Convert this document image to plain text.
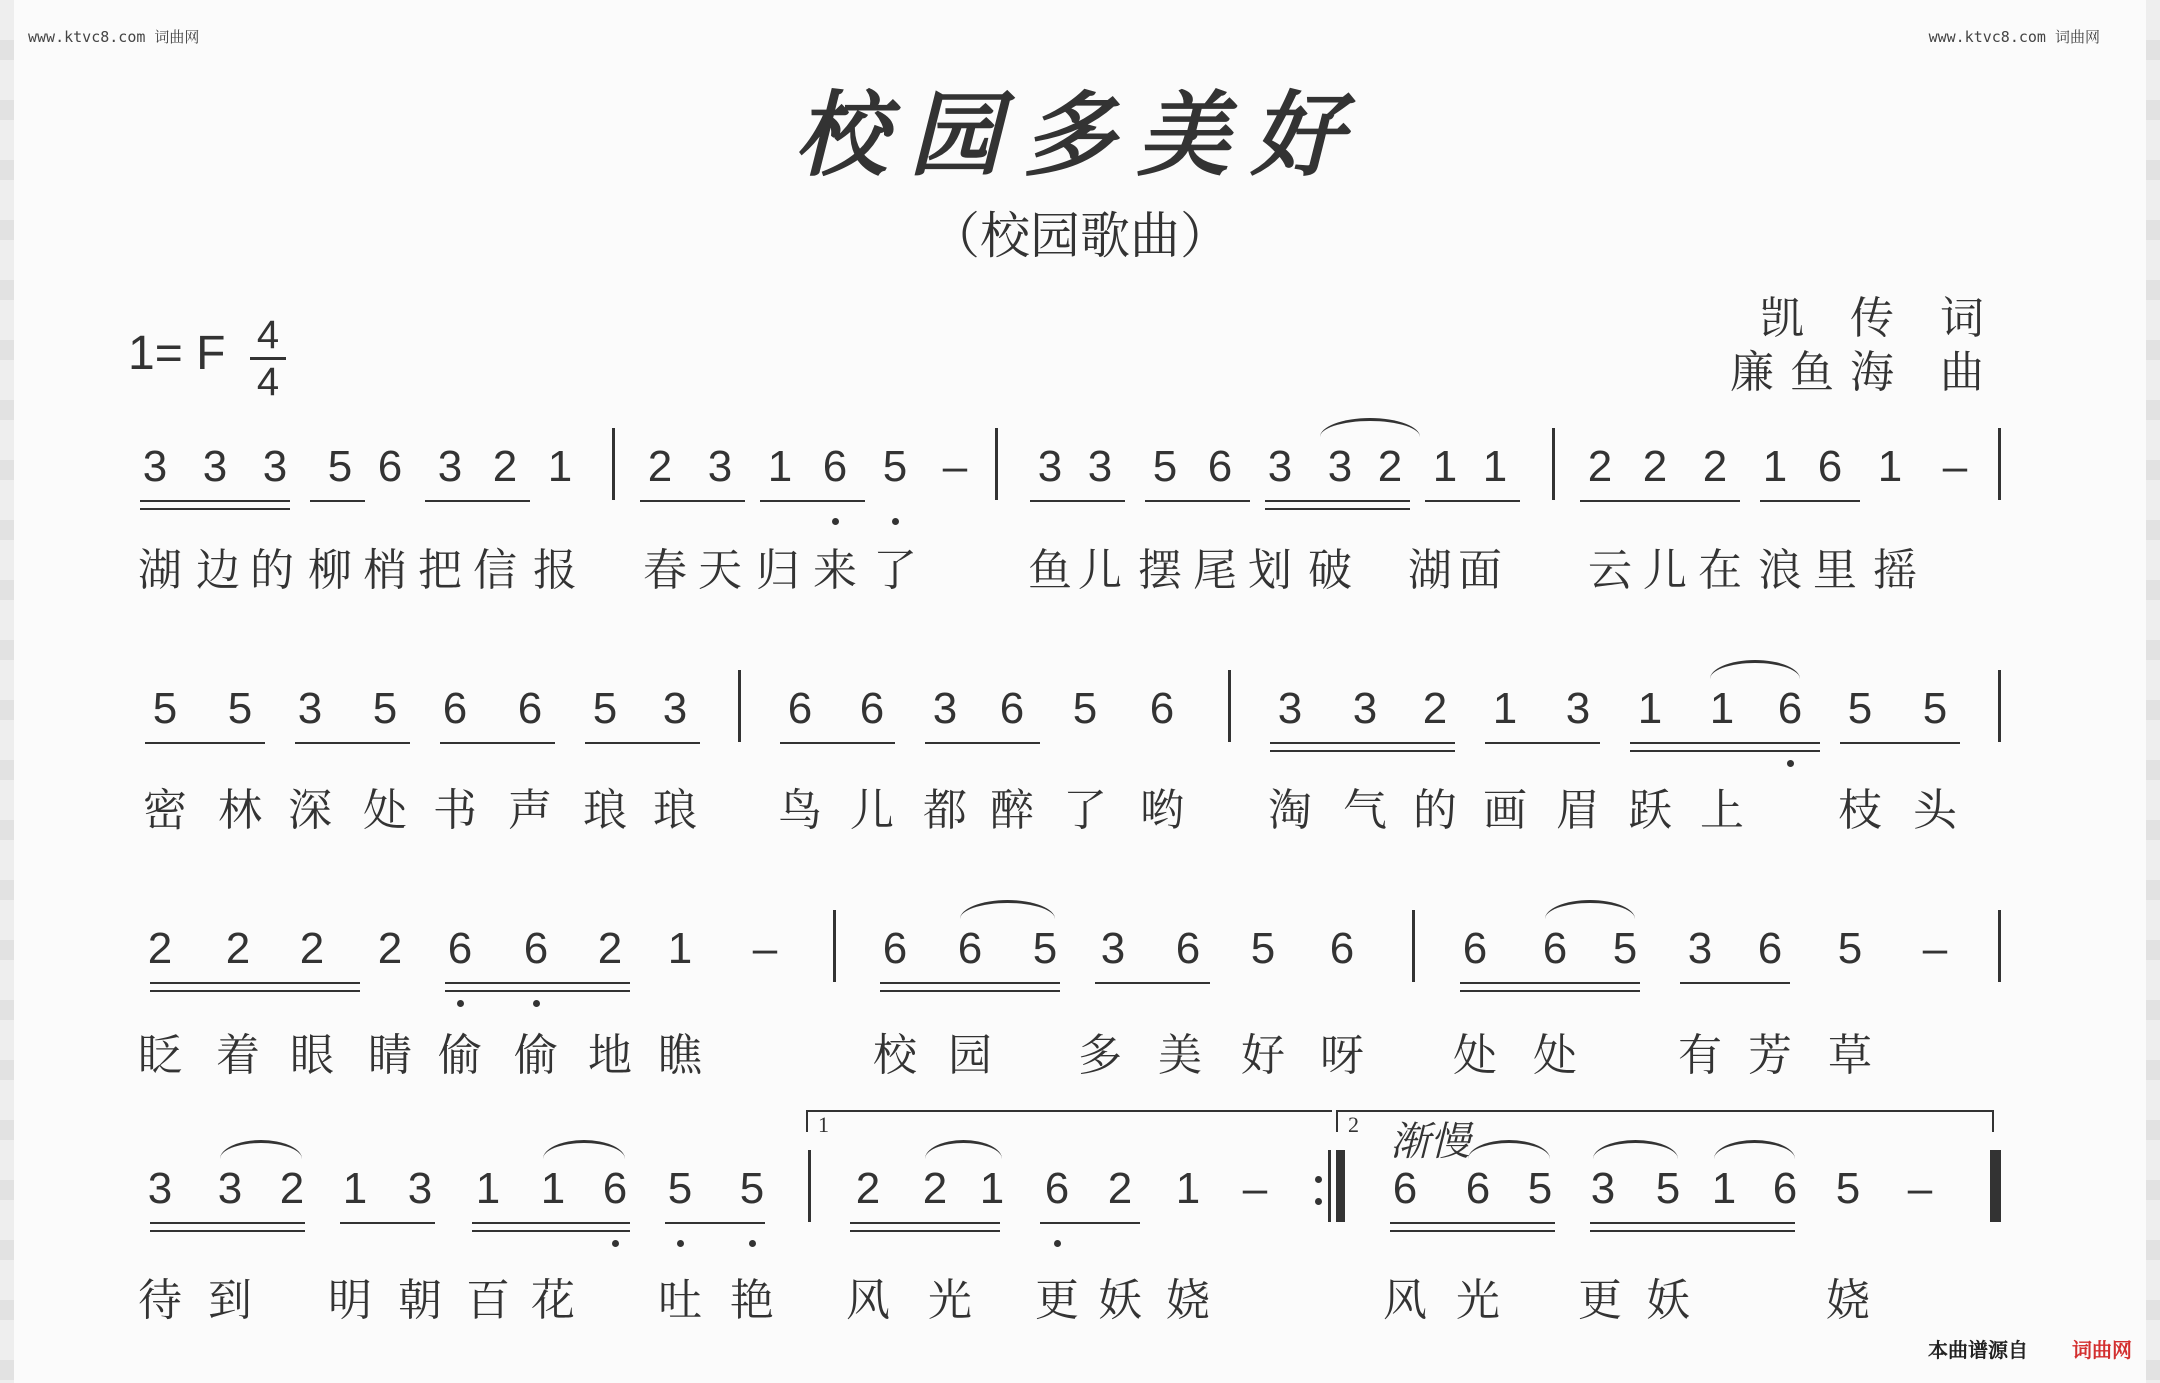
www.ktvc8.com 词曲网	www.ktvc8.com 词曲网
校园多美好
（校园歌曲）
1= F 4
4
凯 传 词
廉鱼海 曲
1	2 渐慢
3 3 3 5 6 3 2 1 2 3 1 6 5 – 3 3 5 6 3 3 2 1 1 2 2 2 1 6 1 –
湖 边 的 柳 梢 把 信 报 春 天 归 来 了	鱼 儿 摆 尾 划 破 湖 面 云 儿 在 浪 里 摇
5 5 3 5 6 6 5 3 6 6 3 6 5 6 3 3 2 1 3 1 1 6 5 5
密 林 深 处 书 声 琅 琅 鸟 儿 都 醉 了 哟 淘 气 的 画 眉 跃 上 枝 头
2 2 2 2 6 6 2 1 – 6 6 5 3 6 5 6 6 6 5 3 6 5 –
眨 着 眼 睛 偷 偷 地 瞧	校 园 多 美 好 呀 处 处 有 芳 草
3 3 2 1 3 1 1 6 5 5 2 2 1 6 2 1 –	6 6 5 3 5 1 6 5 –
待 到 明 朝 百 花 吐 艳 风 光 更 妖 娆	风 光 更 妖	娆
本曲谱源自 词曲网
